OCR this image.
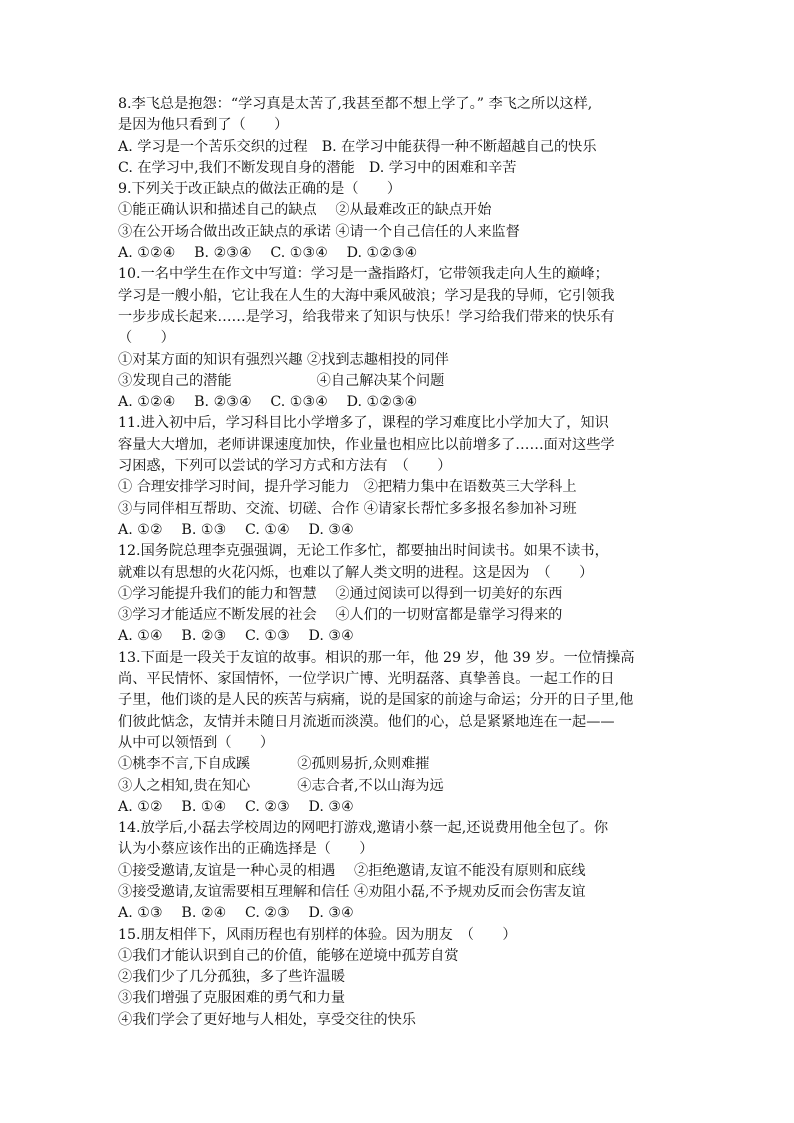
8.李飞总是抱怨：“学习真是太苦了,我甚至都不想上学了。” 李飞之所以这样,
是因为他只看到了（　　）
A. 学习是一个苦乐交织的过程　B. 在学习中能获得一种不断超越自己的快乐
C. 在学习中,我们不断发现自身的潜能　D. 学习中的困难和辛苦
9.下列关于改正缺点的做法正确的是（　　）
①能正确认识和描述自己的缺点　 ②从最难改正的缺点开始
③在公开场合做出改正缺点的承诺 ④请一个自己信任的人来监督
A. ①②④　 B. ②③④　 C. ①③④　 D. ①②③④
10.一名中学生在作文中写道：学习是一盏指路灯，它带领我走向人生的巅峰；
学习是一艘小船，它让我在人生的大海中乘风破浪；学习是我的导师，它引领我
一步步成长起来……是学习，给我带来了知识与快乐！学习给我们带来的快乐有
（　　）
①对某方面的知识有强烈兴趣 ②找到志趣相投的同伴
③发现自己的潜能　　　　　　④自己解决某个问题
A. ①②④　 B. ②③④　 C. ①③④　 D. ①②③④
11.进入初中后，学习科目比小学增多了，课程的学习难度比小学加大了，知识
容量大大增加，老师讲课速度加快，作业量也相应比以前增多了……面对这些学
习困惑，下列可以尝试的学习方式和方法有　（　　）
① 合理安排学习时间，提升学习能力　②把精力集中在语数英三大学科上
③与同伴相互帮助、交流、切磋、合作 ④请家长帮忙多多报名参加补习班
A. ①②　 B. ①③　 C. ①④　 D. ③④
12.国务院总理李克强强调，无论工作多忙，都要抽出时间读书。如果不读书，
就难以有思想的火花闪烁，也难以了解人类文明的进程。这是因为　（　　）
①学习能提升我们的能力和智慧　 ②通过阅读可以得到一切美好的东西
③学习才能适应不断发展的社会　 ④人们的一切财富都是靠学习得来的
A. ①④　 B. ②③　 C. ①③　 D. ③④
13.下面是一段关于友谊的故事。相识的那一年，他 29 岁，他 39 岁。一位情操高
尚、平民情怀、家国情怀，一位学识广博、光明磊落、真挚善良。一起工作的日
子里，他们谈的是人民的疾苦与病痛，说的是国家的前途与命运；分开的日子里,他
们彼此惦念，友情并未随日月流逝而淡漠。他们的心，总是紧紧地连在一起——
从中可以领悟到（　　）
①桃李不言,下自成蹊　　　 ②孤则易折,众则难摧
③人之相知,贵在知心　　　 ④志合者,不以山海为远
A. ①②　 B. ①④　 C. ②③　 D. ③④
14.放学后,小磊去学校周边的网吧打游戏,邀请小蔡一起,还说费用他全包了。你
认为小蔡应该作出的正确选择是（　　）
①接受邀请,友谊是一种心灵的相遇　 ②拒绝邀请,友谊不能没有原则和底线
③接受邀请,友谊需要相互理解和信任 ④劝阻小磊,不予规劝反而会伤害友谊
A. ①③　 B. ②④　 C. ②③　 D. ③④
15.朋友相伴下，风雨历程也有别样的体验。因为朋友　（　　）
①我们才能认识到自己的价值，能够在逆境中孤芳自赏
②我们少了几分孤独，多了些许温暖
③我们增强了克服困难的勇气和力量
④我们学会了更好地与人相处，享受交往的快乐
